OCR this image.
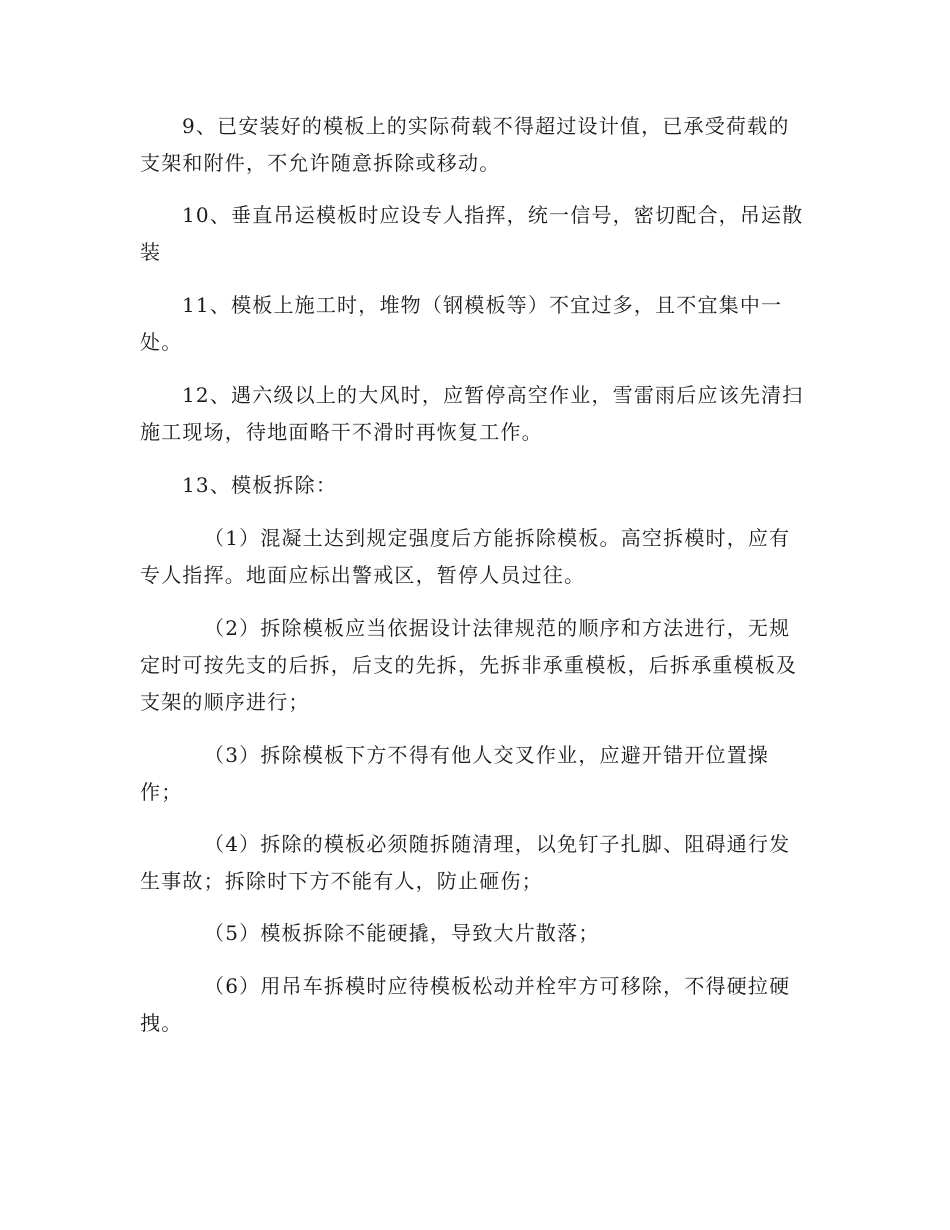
9、已安装好的模板上的实际荷载不得超过设计值，已承受荷载的支架和附件，不允许随意拆除或移动。

10、垂直吊运模板时应设专人指挥，统一信号，密切配合，吊运散装

11、模板上施工时，堆物（钢模板等）不宜过多，且不宜集中一处。

12、遇六级以上的大风时，应暂停高空作业，雪雷雨后应该先清扫施工现场，待地面略干不滑时再恢复工作。

13、模板拆除：

（1）混凝土达到规定强度后方能拆除模板。高空拆模时，应有专人指挥。地面应标出警戒区，暂停人员过往。

（2）拆除模板应当依据设计法律规范的顺序和方法进行，无规定时可按先支的后拆，后支的先拆，先拆非承重模板，后拆承重模板及支架的顺序进行；

（3）拆除模板下方不得有他人交叉作业，应避开错开位置操作；

（4）拆除的模板必须随拆随清理，以免钉子扎脚、阻碍通行发生事故；拆除时下方不能有人，防止砸伤；

（5）模板拆除不能硬撬，导致大片散落；

（6）用吊车拆模时应待模板松动并栓牢方可移除，不得硬拉硬拽。
